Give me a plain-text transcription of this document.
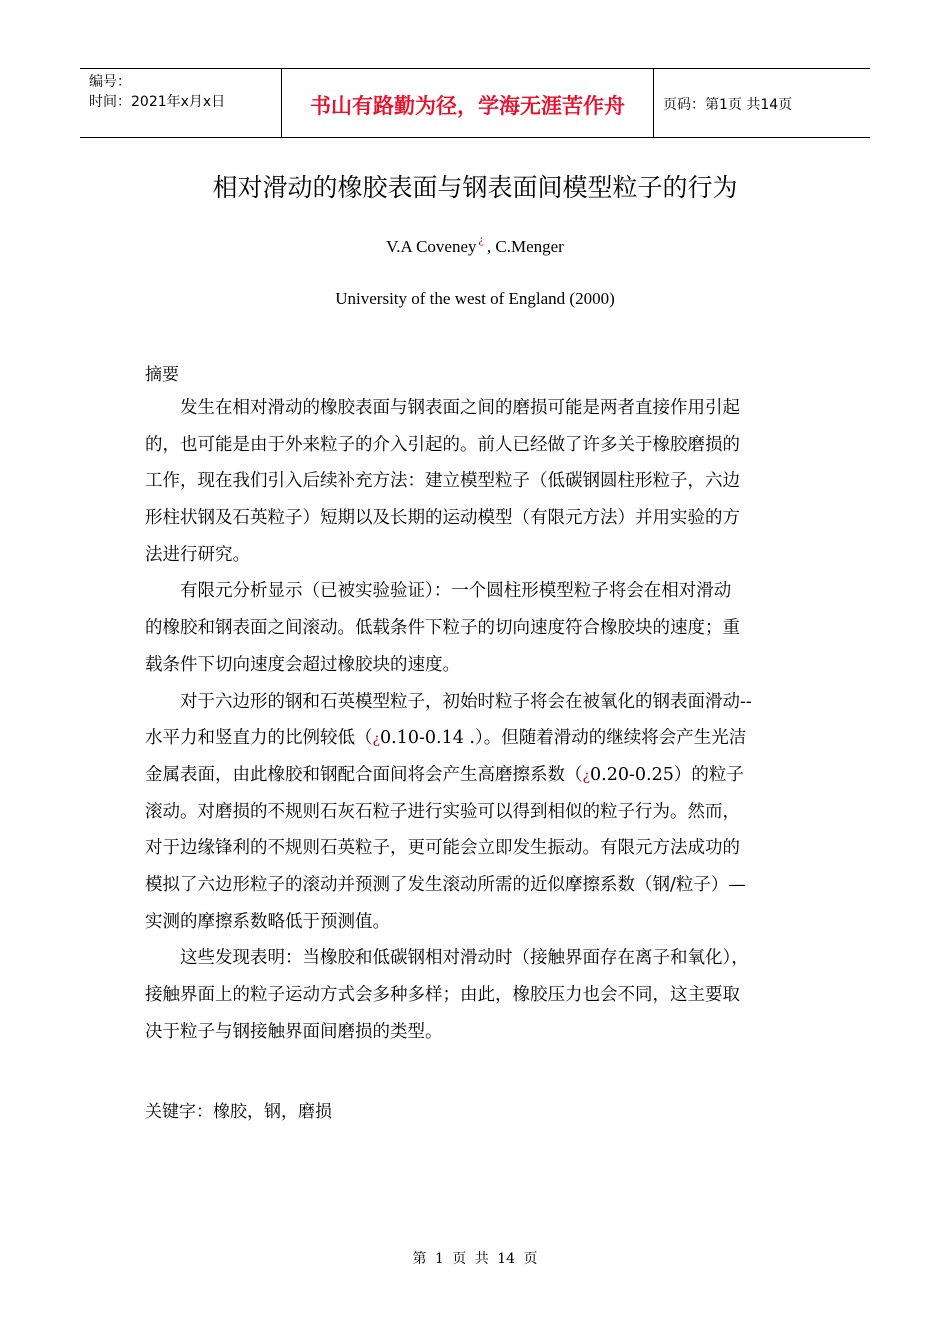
编号：
时间：2021年x月x日	书山有路勤为径，学海无涯苦作舟	页码：第1页 共14页
相对滑动的橡胶表面与钢表面间模型粒子的行为
V.A Coveney ¿ , C.Menger
University of the west of England (2000)
摘要
发生在相对滑动的橡胶表面与钢表面之间的磨损可能是两者直接作用引起
的，也可能是由于外来粒子的介入引起的。前人已经做了许多关于橡胶磨损的
工作，现在我们引入后续补充方法：建立模型粒子（低碳钢圆柱形粒子，六边
形柱状钢及石英粒子）短期以及长期的运动模型（有限元方法）并用实验的方
法进行研究。
有限元分析显示（已被实验验证）：一个圆柱形模型粒子将会在相对滑动
的橡胶和钢表面之间滚动。低载条件下粒子的切向速度符合橡胶块的速度；重
载条件下切向速度会超过橡胶块的速度。
对于六边形的钢和石英模型粒子，初始时粒子将会在被氧化的钢表面滑动--
水平力和竖直力的比例较低（¿0.10-0.14 .）。但随着滑动的继续将会产生光洁
金属表面，由此橡胶和钢配合面间将会产生高磨擦系数（¿0.20-0.25）的粒子
滚动。对磨损的不规则石灰石粒子进行实验可以得到相似的粒子行为。然而，
对于边缘锋利的不规则石英粒子，更可能会立即发生振动。有限元方法成功的
模拟了六边形粒子的滚动并预测了发生滚动所需的近似摩擦系数（钢/粒子）—
实测的摩擦系数略低于预测值。
这些发现表明：当橡胶和低碳钢相对滑动时（接触界面存在离子和氧化），
接触界面上的粒子运动方式会多种多样；由此，橡胶压力也会不同，这主要取
决于粒子与钢接触界面间磨损的类型。
关键字：橡胶，钢，磨损
第 1 页 共 14 页
